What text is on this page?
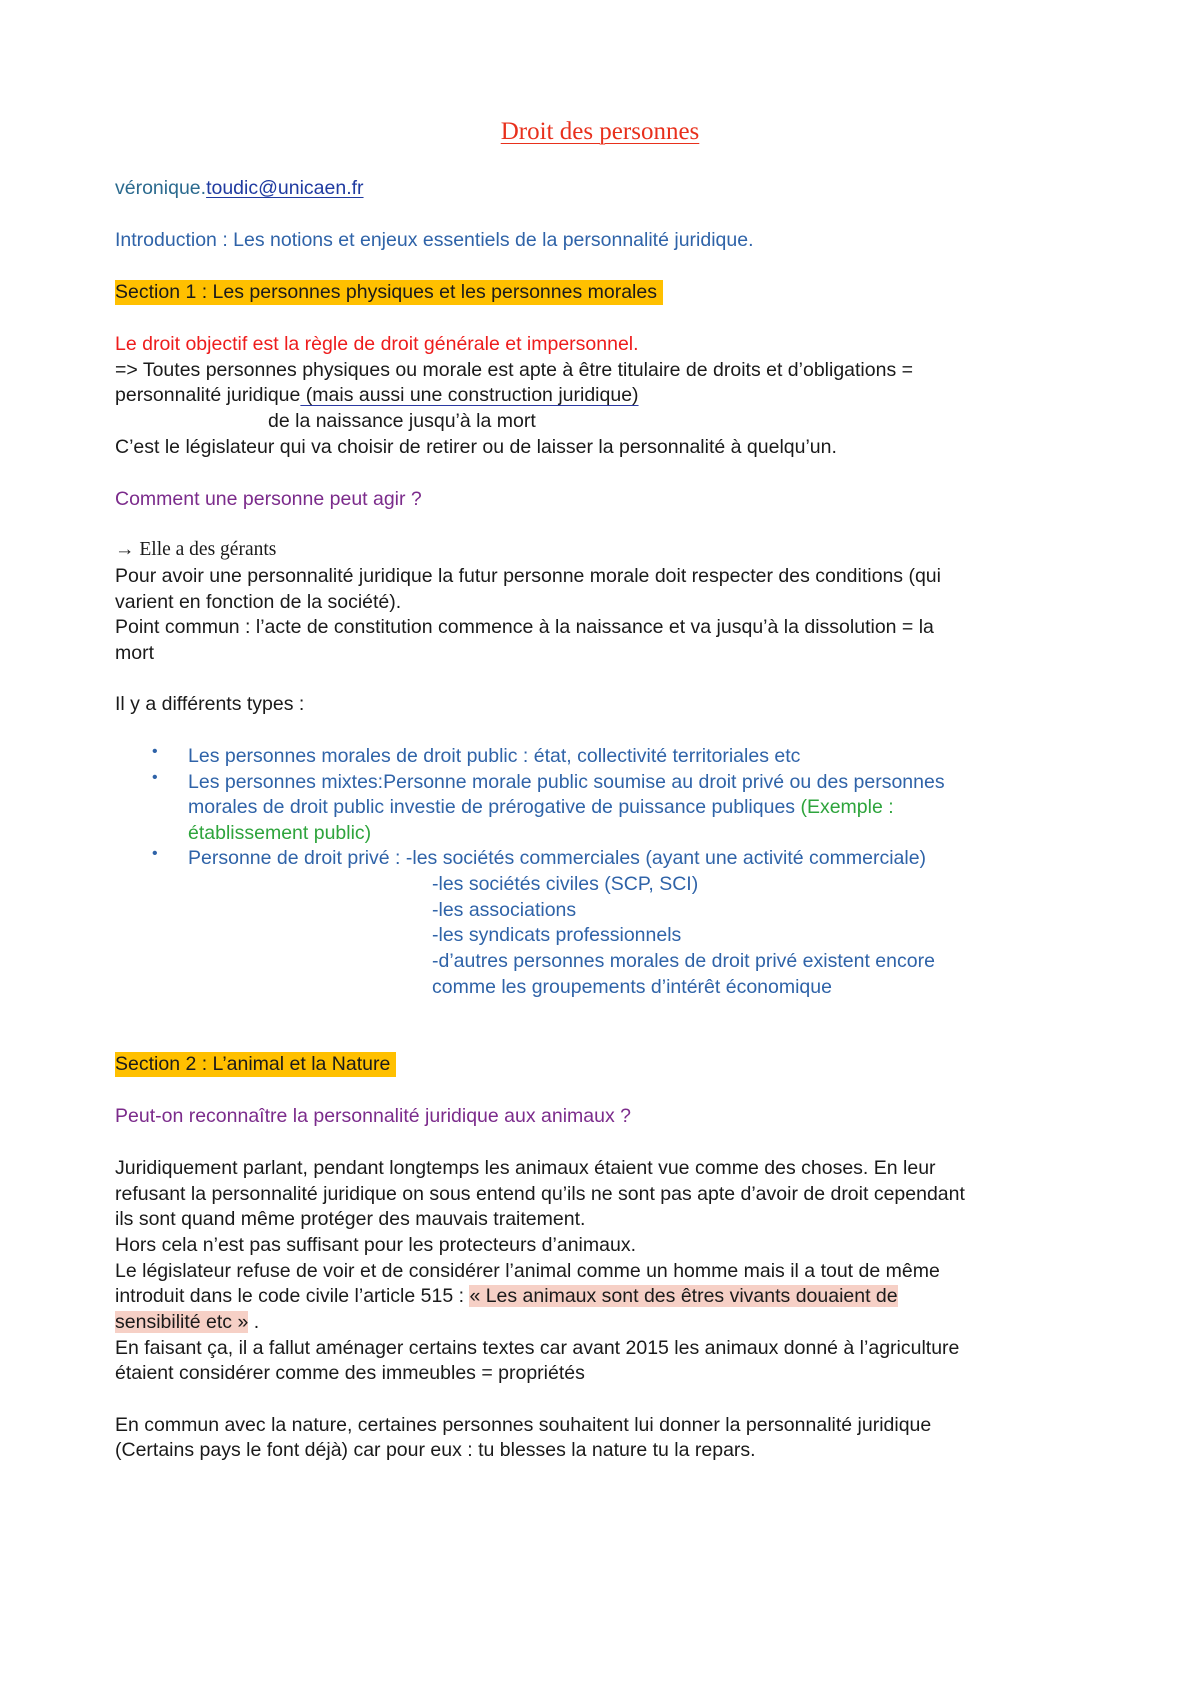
Droit des personnes
véronique.toudic@unicaen.fr
Introduction : Les notions et enjeux essentiels de la personnalité juridique.
Section 1 : Les personnes physiques et les personnes morales
Le droit objectif est la règle de droit générale et impersonnel.
=> Toutes personnes physiques ou morale est apte à être titulaire de droits et d’obligations =
personnalité juridique (mais aussi une construction juridique)
de la naissance jusqu’à la mort
C’est le législateur qui va choisir de retirer ou de laisser la personnalité à quelqu’un.
Comment une personne peut agir ?
→ Elle a des gérants
Pour avoir une personnalité juridique la futur personne morale doit respecter des conditions (qui
varient en fonction de la société).
Point commun : l’acte de constitution commence à la naissance et va jusqu’à la dissolution = la
mort
Il y a différents types :
• Les personnes morales de droit public : état, collectivité territoriales etc
• Les personnes mixtes:Personne morale public soumise au droit privé ou des personnes
morales de droit public investie de prérogative de puissance publiques (Exemple :
établissement public)
• Personne de droit privé : -les sociétés commerciales (ayant une activité commerciale)
-les sociétés civiles (SCP, SCI)
-les associations
-les syndicats professionnels
-d’autres personnes morales de droit privé existent encore
comme les groupements d’intérêt économique
Section 2 : L’animal et la Nature
Peut-on reconnaître la personnalité juridique aux animaux ?
Juridiquement parlant, pendant longtemps les animaux étaient vue comme des choses. En leur
refusant la personnalité juridique on sous entend qu’ils ne sont pas apte d’avoir de droit cependant
ils sont quand même protéger des mauvais traitement.
Hors cela n’est pas suffisant pour les protecteurs d’animaux.
Le législateur refuse de voir et de considérer l’animal comme un homme mais il a tout de même
introduit dans le code civile l’article 515 : « Les animaux sont des êtres vivants douaient de
sensibilité etc » .
En faisant ça, il a fallut aménager certains textes car avant 2015 les animaux donné à l’agriculture
étaient considérer comme des immeubles = propriétés
En commun avec la nature, certaines personnes souhaitent lui donner la personnalité juridique
(Certains pays le font déjà) car pour eux : tu blesses la nature tu la repars.
